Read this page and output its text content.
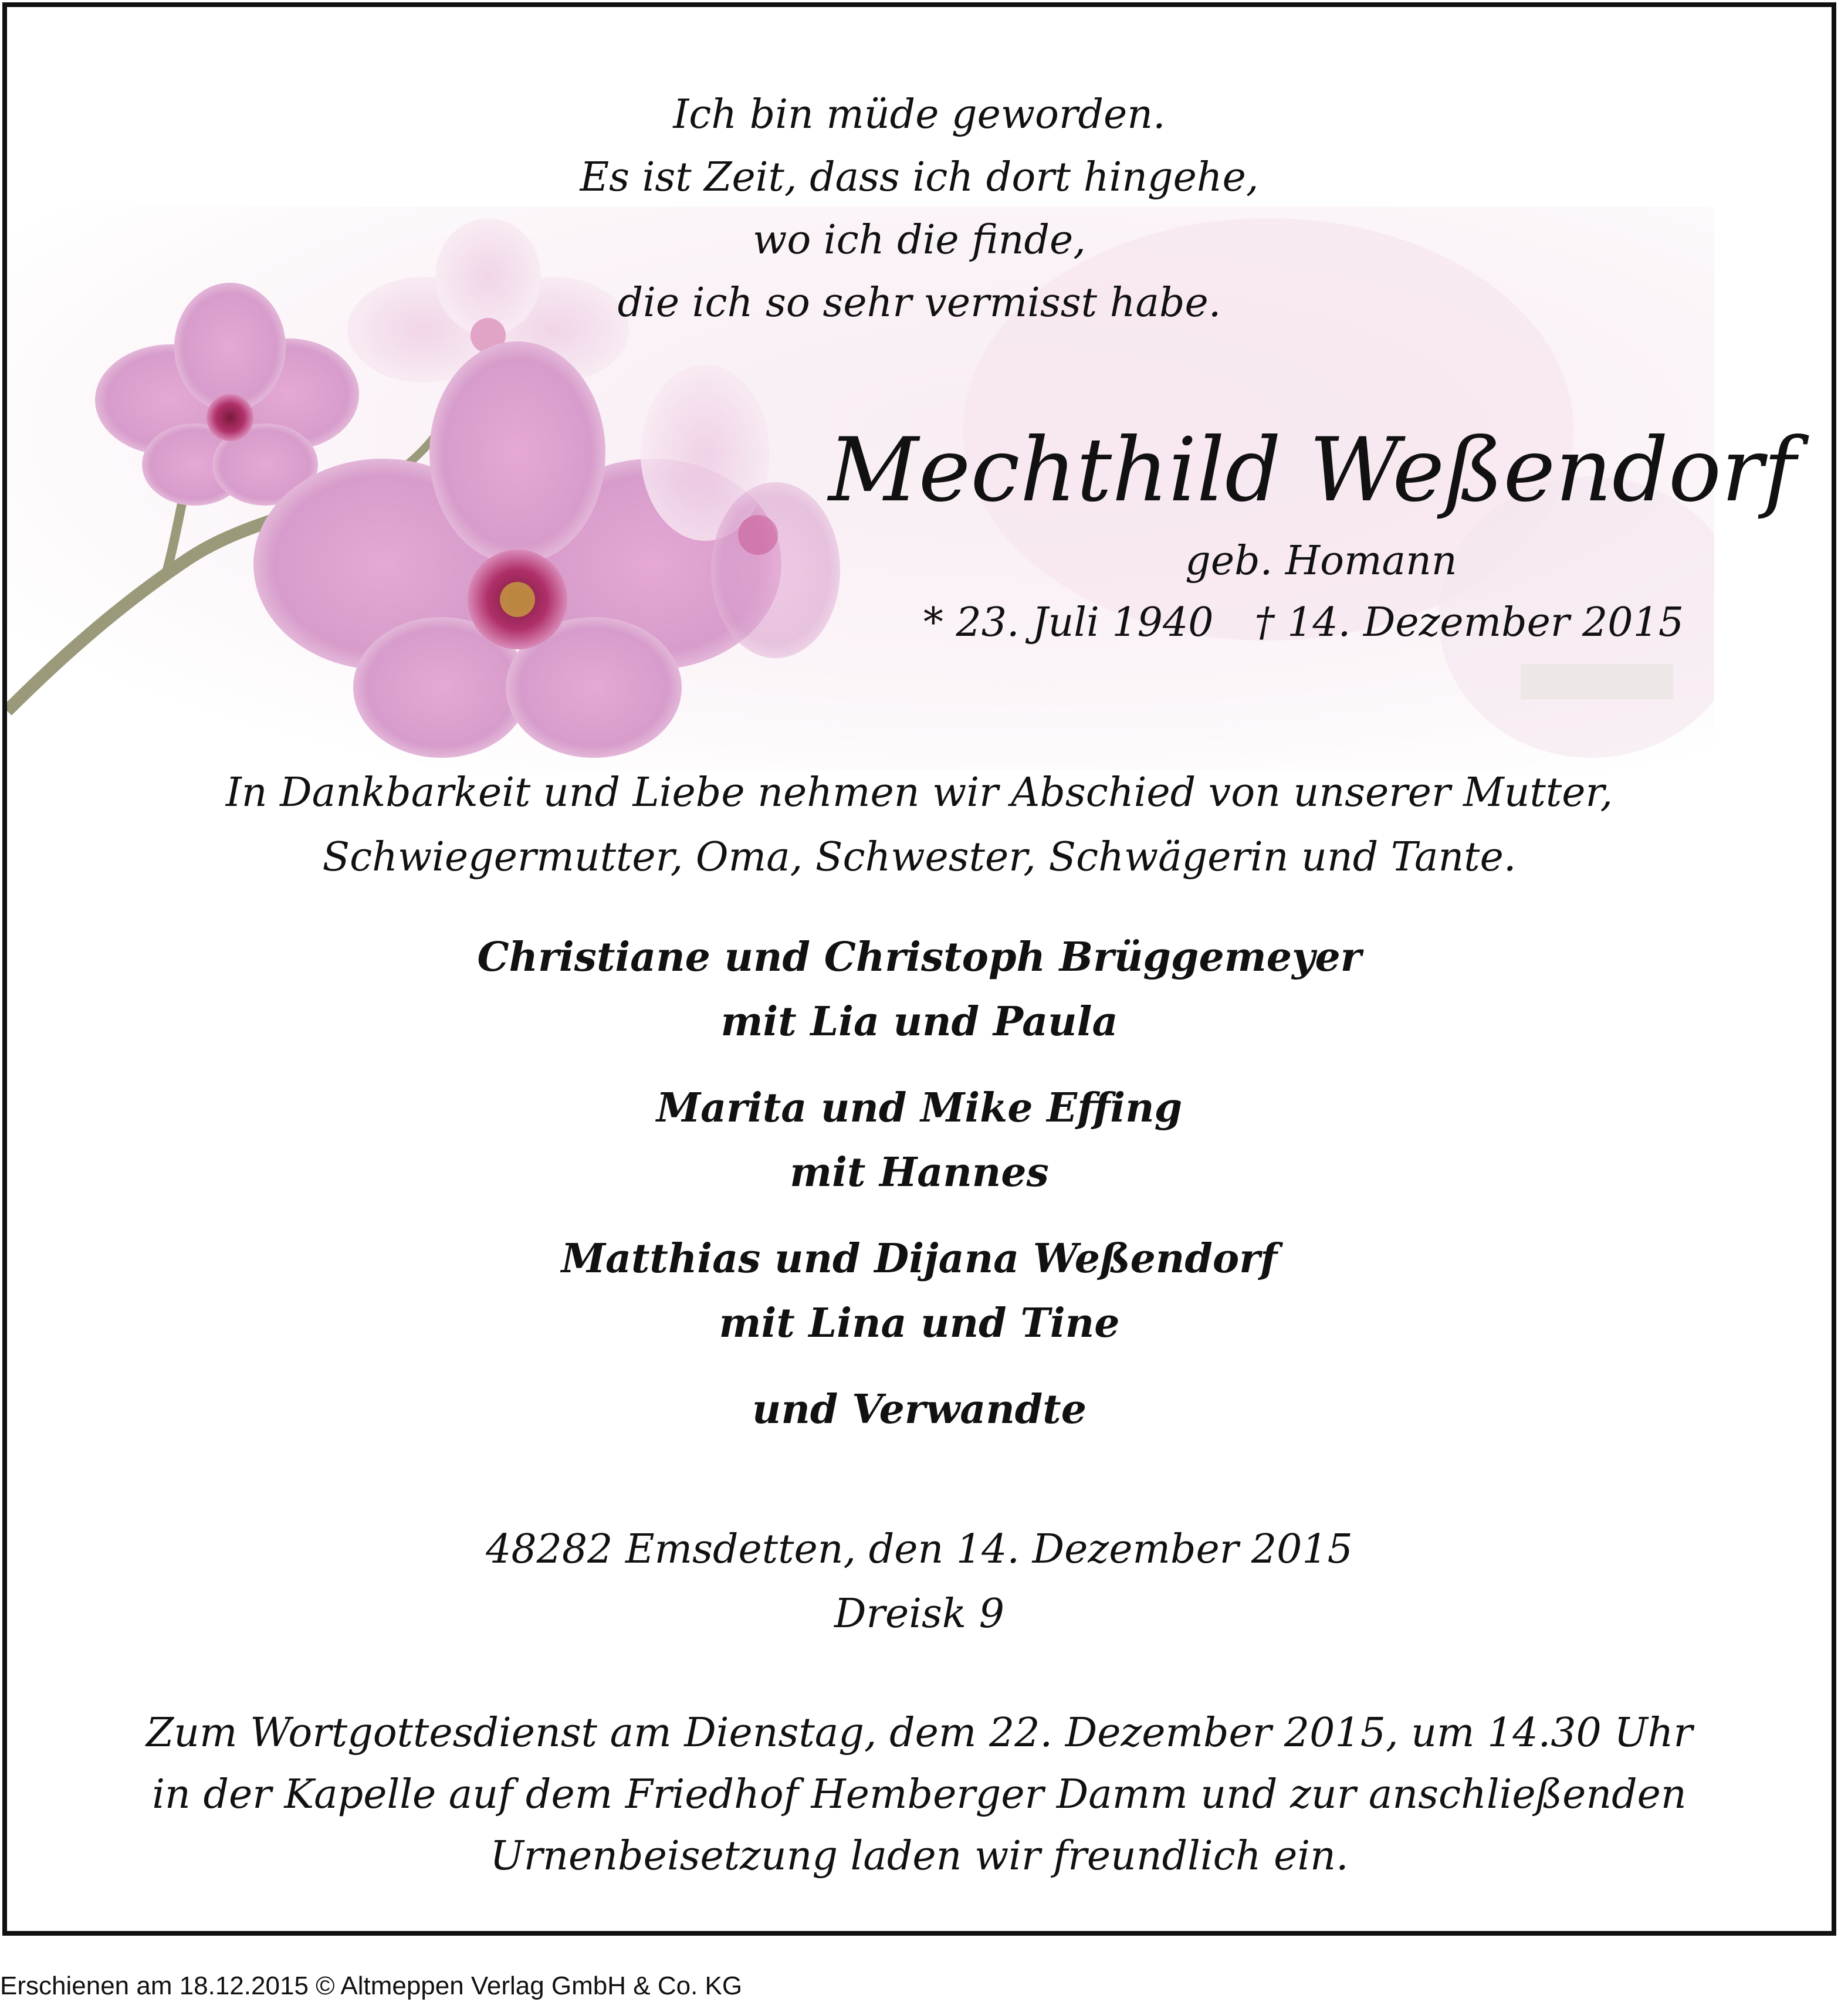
Ich bin müde geworden.
Es ist Zeit, dass ich dort hingehe,
wo ich die finde,
die ich so sehr vermisst habe.
Mechthild Weßendorf
geb. Homann
* 23. Juli 1940 † 14. Dezember 2015
In Dankbarkeit und Liebe nehmen wir Abschied von unserer Mutter,
Schwiegermutter, Oma, Schwester, Schwägerin und Tante.
Christiane und Christoph Brüggemeyer
mit Lia und Paula
Marita und Mike Effing
mit Hannes
Matthias und Dijana Weßendorf
mit Lina und Tine
und Verwandte
48282 Emsdetten, den 14. Dezember 2015
Dreisk 9
Zum Wortgottesdienst am Dienstag, dem 22. Dezember 2015, um 14.30 Uhr
in der Kapelle auf dem Friedhof Hemberger Damm und zur anschließenden
Urnenbeisetzung laden wir freundlich ein.
Erschienen am 18.12.2015 © Altmeppen Verlag GmbH & Co. KG
